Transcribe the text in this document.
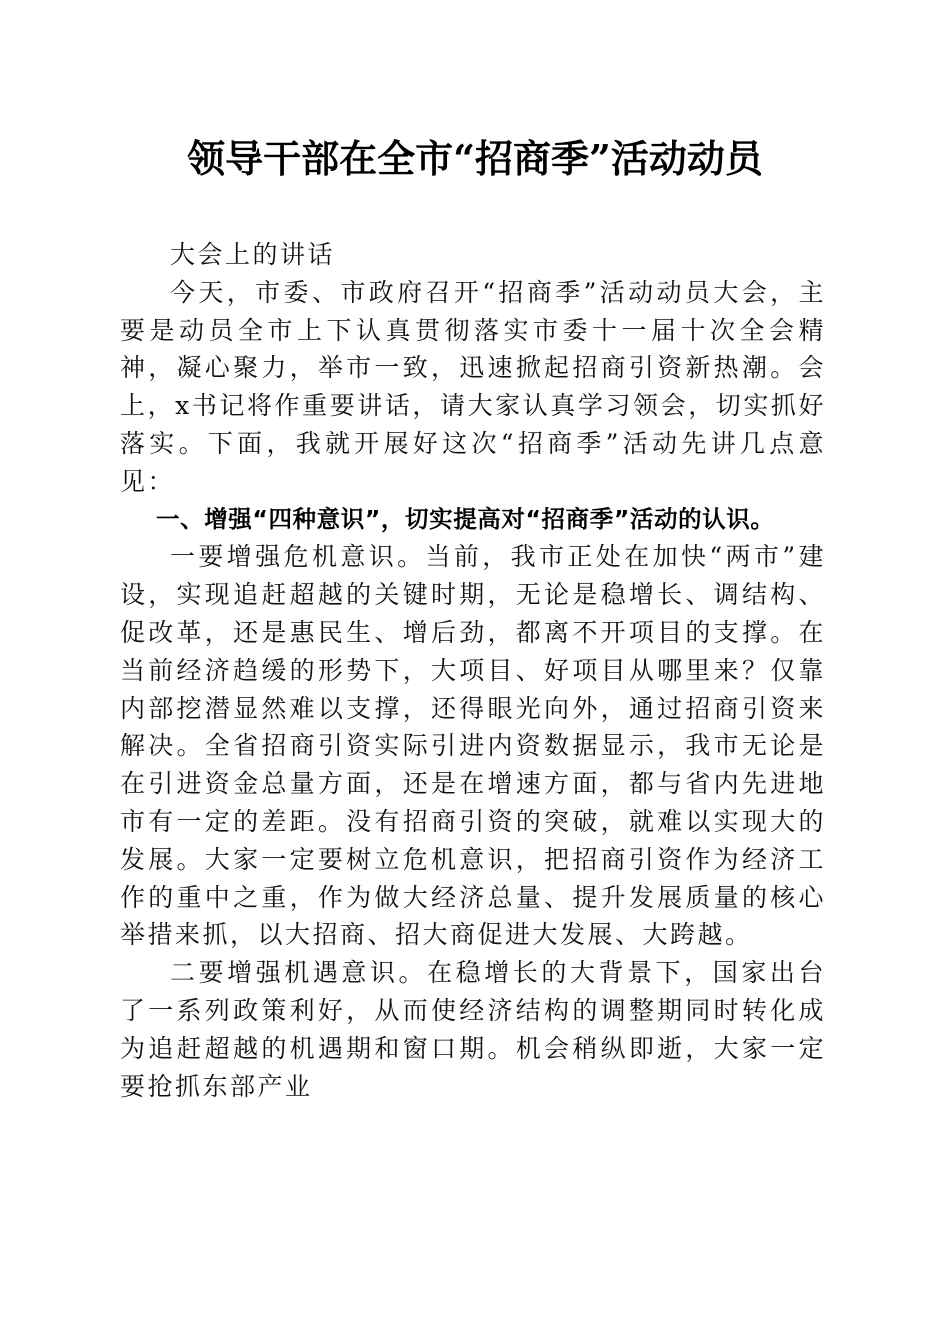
领导干部在全市“招商季”活动动员

大会上的讲话

今天，市委、市政府召开“招商季”活动动员大会，主要是动员全市上下认真贯彻落实市委十一届十次全会精神，凝心聚力，举市一致，迅速掀起招商引资新热潮。会上，x书记将作重要讲话，请大家认真学习领会，切实抓好落实。下面，我就开展好这次“招商季”活动先讲几点意见：

一、增强“四种意识”，切实提高对“招商季”活动的认识。

一要增强危机意识。当前，我市正处在加快“两市”建设，实现追赶超越的关键时期，无论是稳增长、调结构、促改革，还是惠民生、增后劲，都离不开项目的支撑。在当前经济趋缓的形势下，大项目、好项目从哪里来？仅靠内部挖潜显然难以支撑，还得眼光向外，通过招商引资来解决。全省招商引资实际引进内资数据显示，我市无论是在引进资金总量方面，还是在增速方面，都与省内先进地市有一定的差距。没有招商引资的突破，就难以实现大的发展。大家一定要树立危机意识，把招商引资作为经济工作的重中之重，作为做大经济总量、提升发展质量的核心举措来抓，以大招商、招大商促进大发展、大跨越。

二要增强机遇意识。在稳增长的大背景下，国家出台了一系列政策利好，从而使经济结构的调整期同时转化成为追赶超越的机遇期和窗口期。机会稍纵即逝，大家一定要抢抓东部产业
